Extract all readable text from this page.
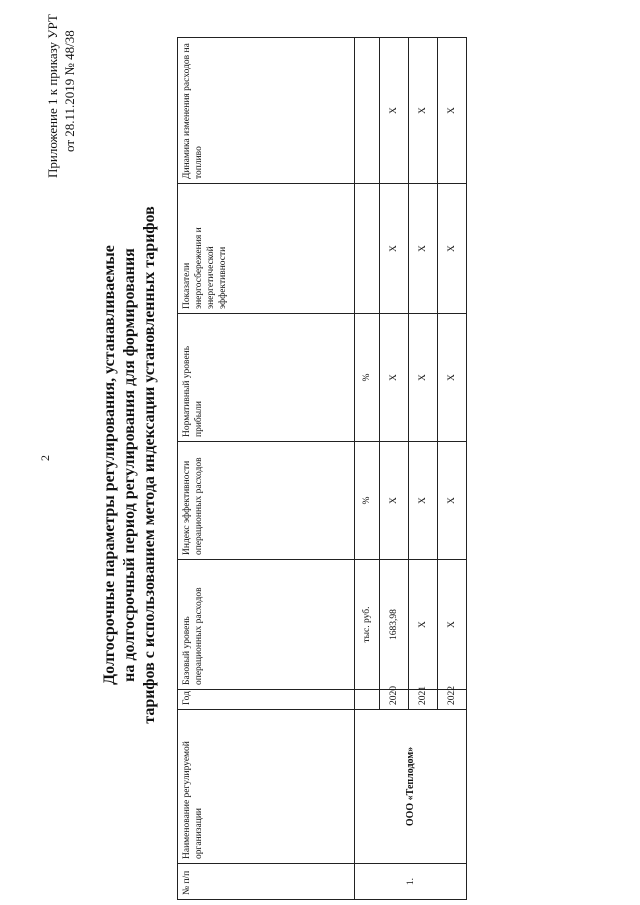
2
Приложение 1 к приказу УРТ от 28.11.2019 № 48/38
Долгосрочные параметры регулирования, устанавливаемые на долгосрочный период регулирования для формирования тарифов с использованием метода индексации установленных тарифов
№ п/п	Наименование регулируемой организации	Год	Базовый уровень операционных расходов	Индекс эффективности операционных расходов	Нормативный уровень прибыли	Показатели энергосбережения и энергетической эффективности	Динамика изменения расходов на топливо
1.	ООО «Теплодом»		тыс. руб.	%	%		
		2020	1683,98	X	X	X	X
		2021	X	X	X	X	X
		2022	X	X	X	X	X
